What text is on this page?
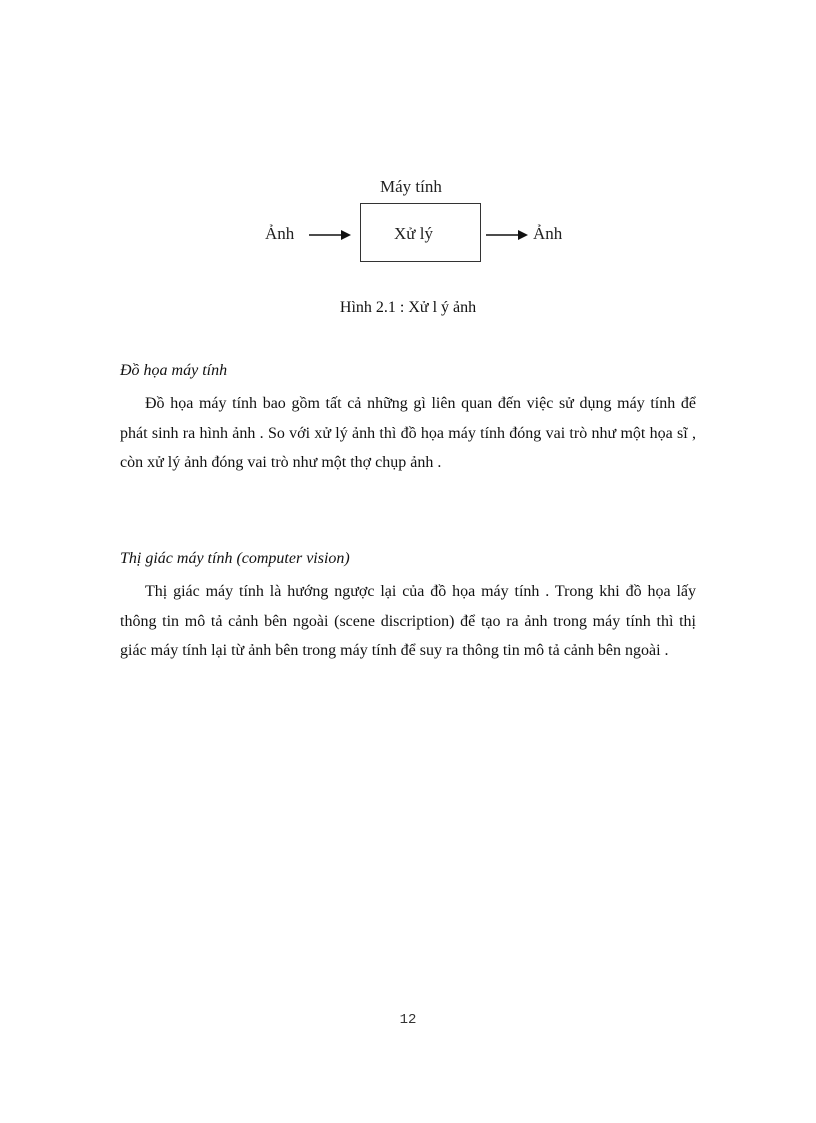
Máy tính
Ảnh	Xử lý	Ảnh
Hình 2.1 : Xử l ý ảnh
Đồ họa máy tính

Đồ họa máy tính bao gồm tất cả những gì liên quan đến việc sử dụng máy tính để phát sinh ra hình ảnh . So với xử lý ảnh thì đồ họa máy tính đóng vai trò như một họa sĩ , còn xử lý ảnh đóng vai trò như một thợ chụp ảnh .

Thị giác máy tính (computer vision)

Thị giác máy tính là hướng ngược lại của đồ họa máy tính . Trong khi đồ họa lấy thông tin mô tả cảnh bên ngoài (scene discription) để tạo ra ảnh trong máy tính thì thị giác máy tính lại từ ảnh bên trong máy tính để suy ra thông tin mô tả cảnh bên ngoài .

12
